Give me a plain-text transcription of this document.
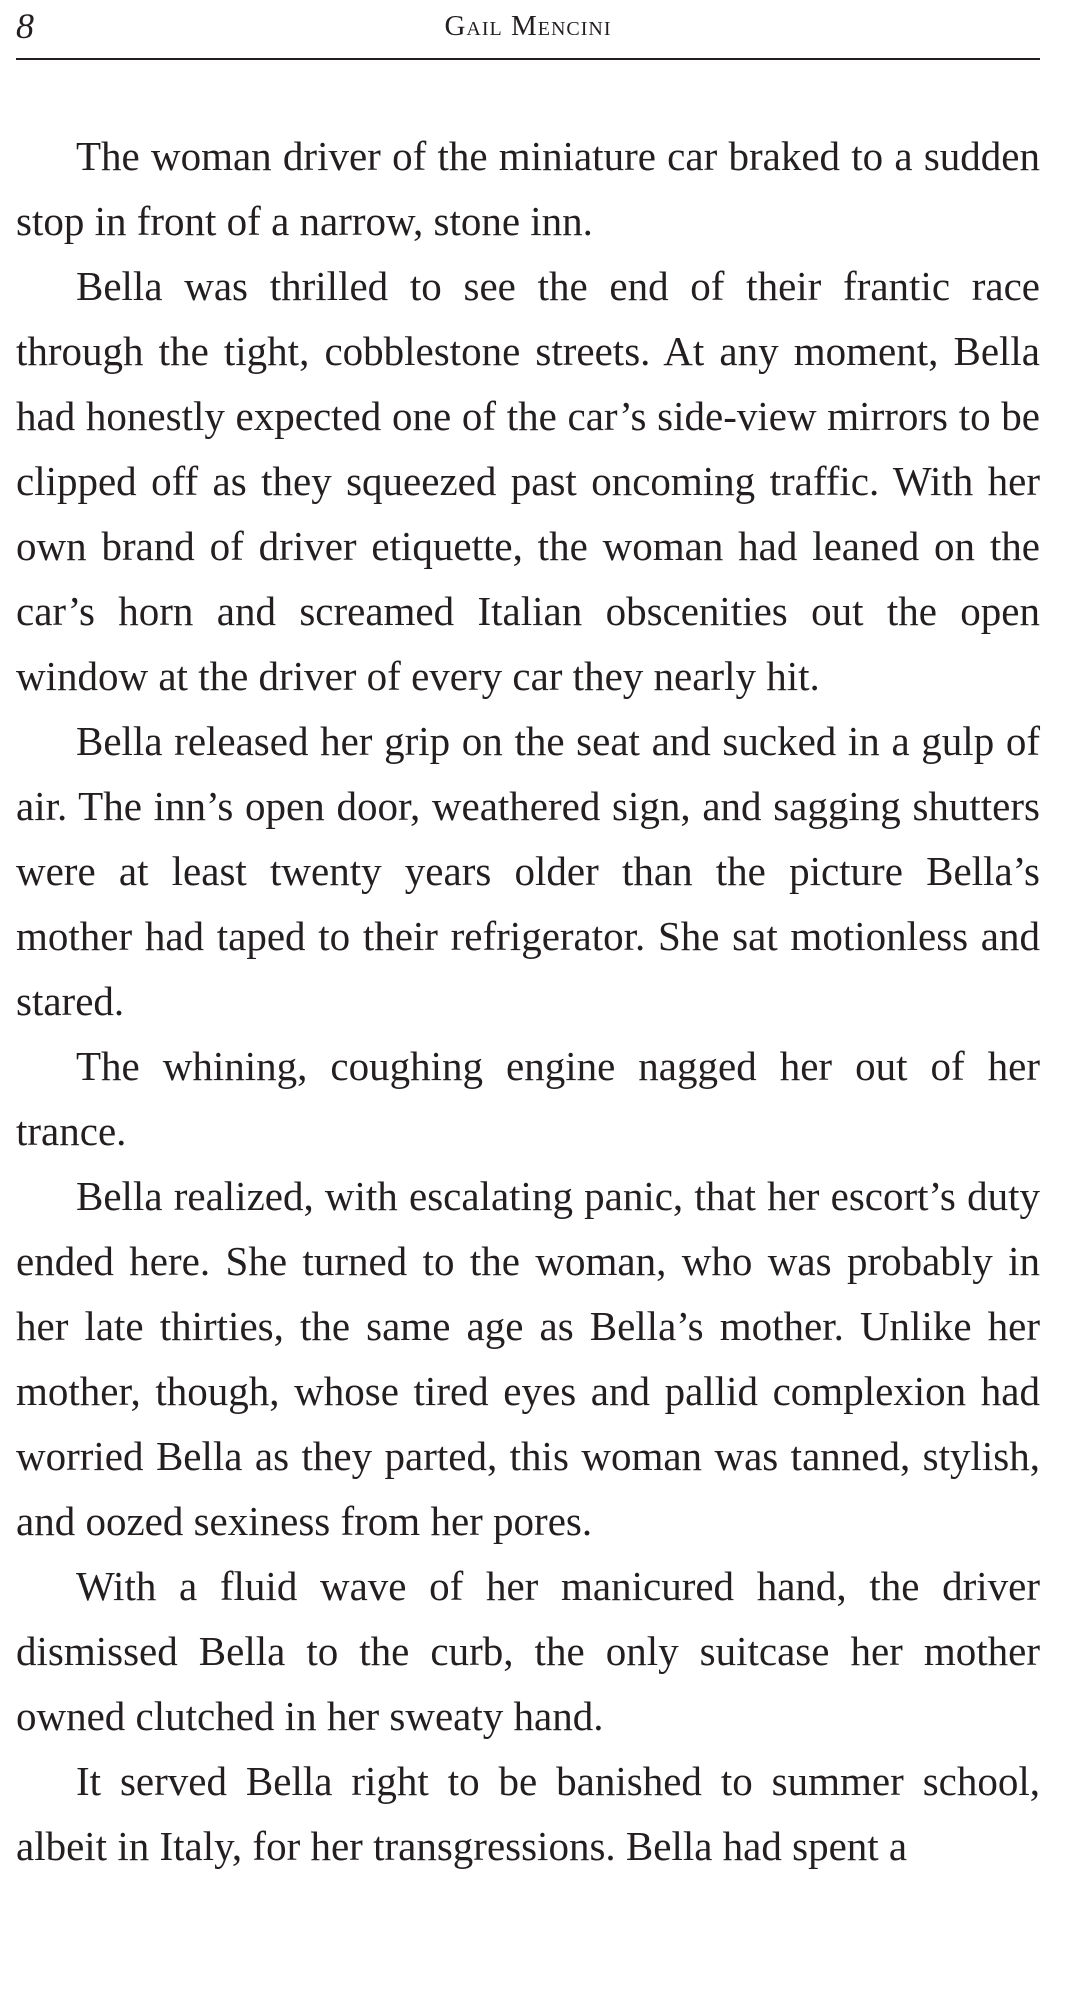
8	Gail Mencini

The woman driver of the miniature car braked to a sudden stop in front of a narrow, stone inn.

Bella was thrilled to see the end of their frantic race through the tight, cobblestone streets. At any moment, Bella had honestly expected one of the car’s side-view mirrors to be clipped off as they squeezed past oncoming traffic. With her own brand of driver etiquette, the woman had leaned on the car’s horn and screamed Italian obscenities out the open window at the driver of every car they nearly hit.

Bella released her grip on the seat and sucked in a gulp of air. The inn’s open door, weathered sign, and sagging shutters were at least twenty years older than the picture Bella’s mother had taped to their refrigerator. She sat motionless and stared.

The whining, coughing engine nagged her out of her trance.

Bella realized, with escalating panic, that her escort’s duty ended here. She turned to the woman, who was probably in her late thirties, the same age as Bella’s mother. Unlike her mother, though, whose tired eyes and pallid complexion had worried Bella as they parted, this woman was tanned, stylish, and oozed sexiness from her pores.

With a fluid wave of her manicured hand, the driver dismissed Bella to the curb, the only suitcase her mother owned clutched in her sweaty hand.

It served Bella right to be banished to summer school, albeit in Italy, for her transgressions. Bella had spent a
